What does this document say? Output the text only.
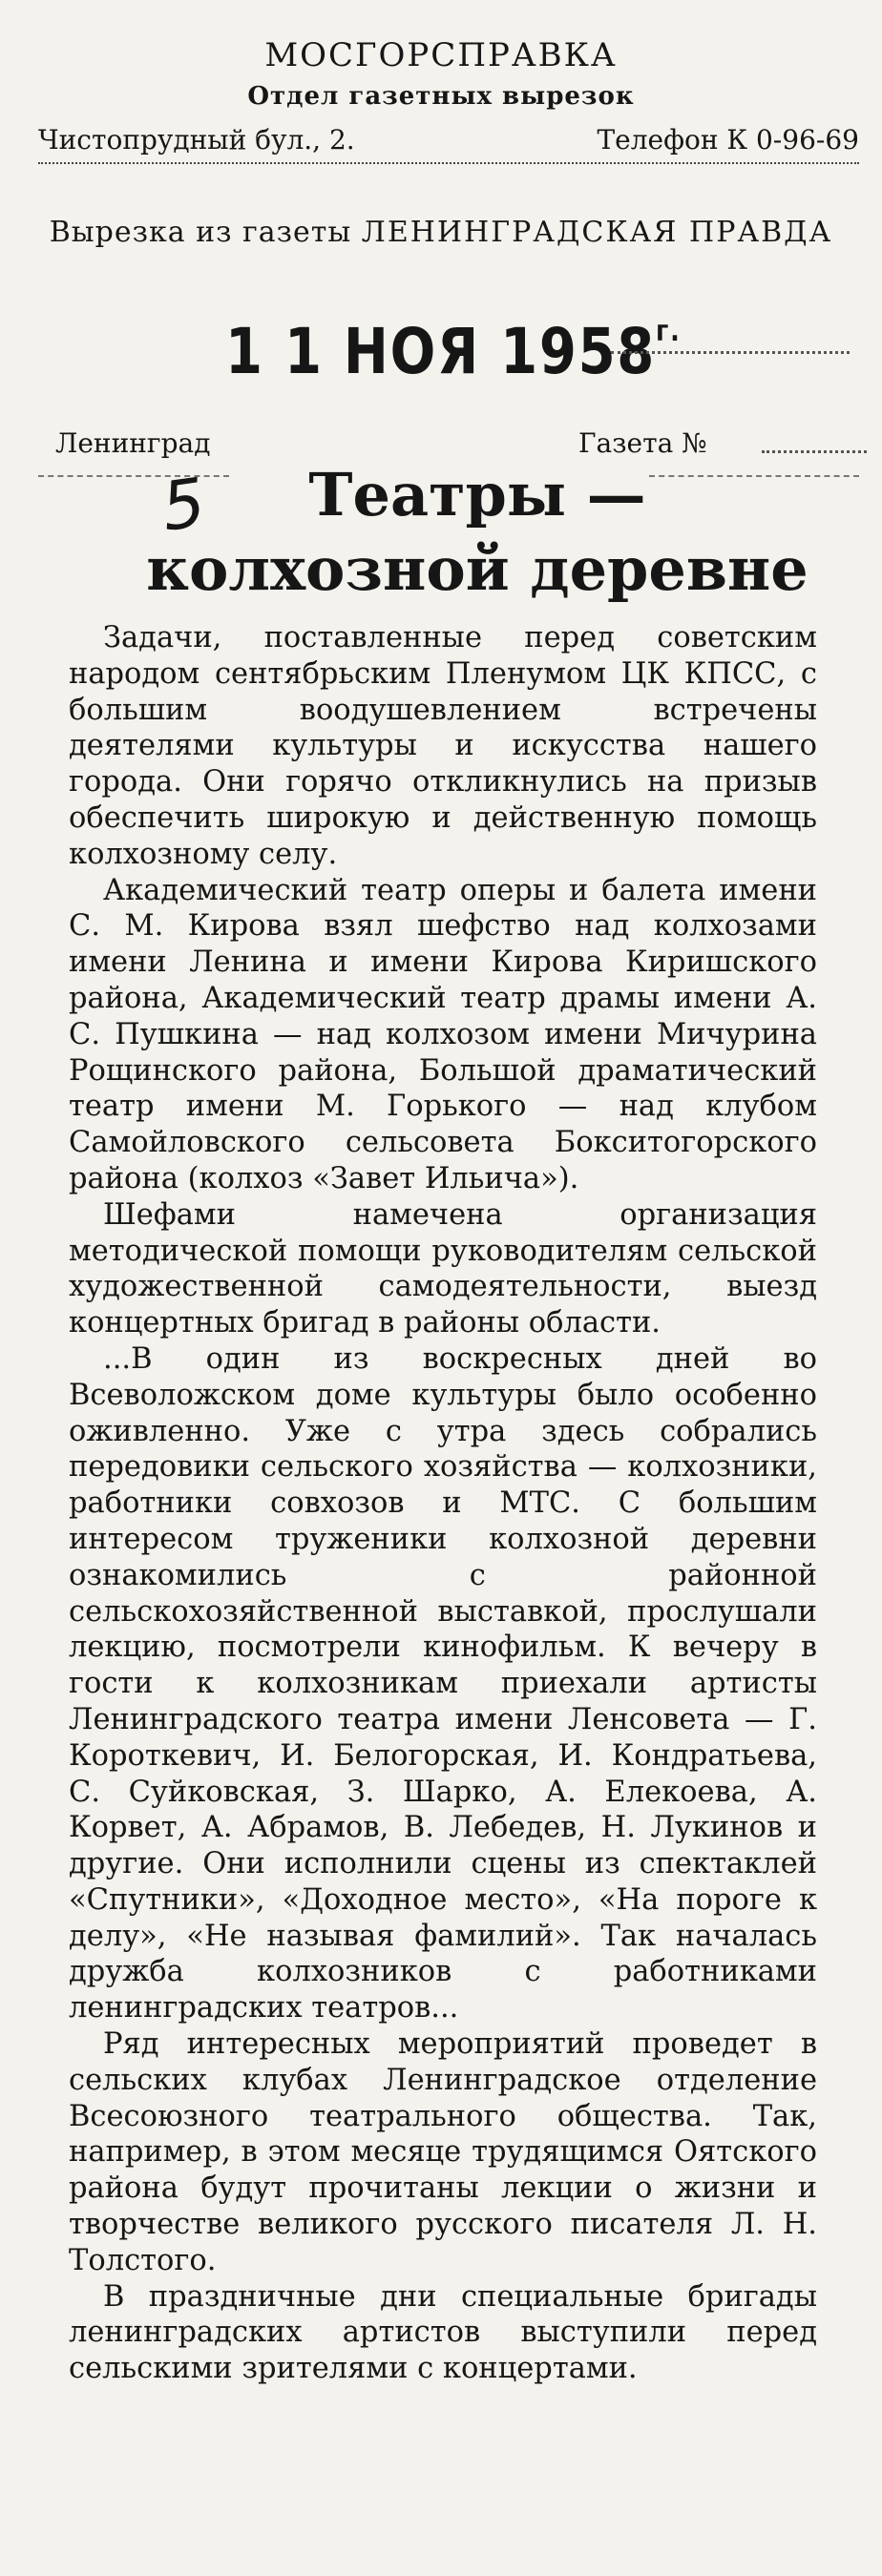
МОСГОРСПРАВКА
Отдел газетных вырезок
Чистопрудный бул., 2.	Телефон К 0-96-69
Вырезка из газеты ЛЕНИНГРАДСКАЯ ПРАВДА
1 1 НОЯ $1958^{г.}$
Ленинград	Газета №
5	Театры —
колхозной деревне

Задачи, поставленные перед советским народом сентябрьским Пленумом ЦК КПСС, с большим воодушевлением встречены деятелями культуры и искусства нашего города. Они горячо откликнулись на призыв обеспечить широкую и действенную помощь колхозному селу.

Академический театр оперы и балета имени С. М. Кирова взял шефство над колхозами имени Ленина и имени Кирова Киришского района, Академический театр драмы имени А. С. Пушкина — над колхозом имени Мичурина Рощинского района, Большой драматический театр имени М. Горького — над клубом Самойловского сельсовета Бокситогорского района (колхоз «Завет Ильича»).

Шефами намечена организация методической помощи руководителям сельской художественной самодеятельности, выезд концертных бригад в районы области.

...В один из воскресных дней во Всеволожском доме культуры было особенно оживленно. Уже с утра здесь собрались передовики сельского хозяйства — колхозники, работники совхозов и МТС. С большим интересом труженики колхозной деревни ознакомились с районной сельскохозяйственной выставкой, прослушали лекцию, посмотрели кинофильм. К вечеру в гости к колхозникам приехали артисты Ленинградского театра имени Ленсовета — Г. Короткевич, И. Белогорская, И. Кондратьева, С. Суйковская, З. Шарко, А. Елекоева, А. Корвет, А. Абрамов, В. Лебедев, Н. Лукинов и другие. Они исполнили сцены из спектаклей «Спутники», «Доходное место», «На пороге к делу», «Не называя фамилий». Так началась дружба колхозников с работниками ленинградских театров...

Ряд интересных мероприятий проведет в сельских клубах Ленинградское отделение Всесоюзного театрального общества. Так, например, в этом месяце трудящимся Оятского района будут прочитаны лекции о жизни и творчестве великого русского писателя Л. Н. Толстого.

В праздничные дни специальные бригады ленинградских артистов выступили перед сельскими зрителями с концертами.
